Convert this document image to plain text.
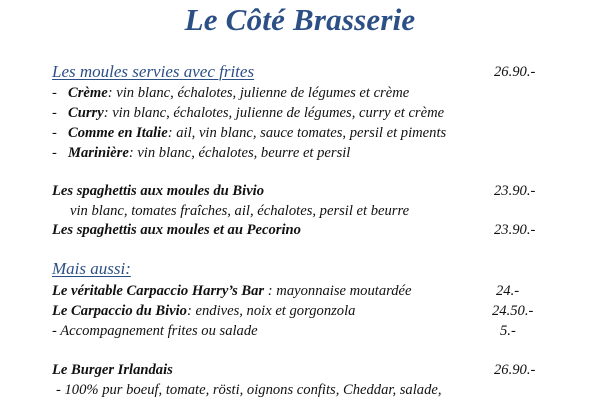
Le Côté Brasserie
Les moules servies avec frites	26.90.-
- Crème: vin blanc, échalotes, julienne de légumes et crème
- Curry: vin blanc, échalotes, julienne de légumes, curry et crème
- Comme en Italie: ail, vin blanc, sauce tomates, persil et piments
- Marinière: vin blanc, échalotes, beurre et persil
Les spaghettis aux moules du Bivio	23.90.-
vin blanc, tomates fraîches, ail, échalotes, persil et beurre
Les spaghettis aux moules et au Pecorino	23.90.-
Mais aussi:
Le véritable Carpaccio Harry’s Bar : mayonnaise moutardée	24.-
Le Carpaccio du Bivio: endives, noix et gorgonzola	24.50.-
- Accompagnement frites ou salade	5.-
Le Burger Irlandais	26.90.-
- 100% pur boeuf, tomate, rösti, oignons confits, Cheddar, salade,
